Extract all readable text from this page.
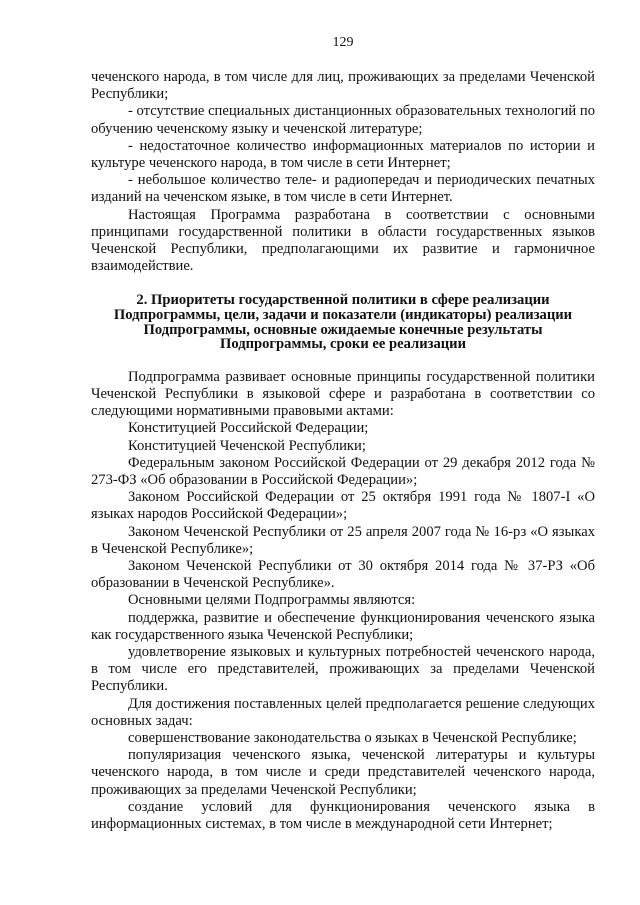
129

чеченского народа, в том числе для лиц, проживающих за пределами Чеченской Республики;

- отсутствие специальных дистанционных образовательных технологий по обучению чеченскому языку и чеченской литературе;

- недостаточное количество информационных материалов по истории и культуре чеченского народа, в том числе в сети Интернет;

- небольшое количество теле- и радиопередач и периодических печатных изданий на чеченском языке, в том числе в сети Интернет.

Настоящая Программа разработана в соответствии с основными принципами государственной политики в области государственных языков Чеченской Республики, предполагающими их развитие и гармоничное взаимодействие.

2. Приоритеты государственной политики в сфере реализации
Подпрограммы, цели, задачи и показатели (индикаторы) реализации
Подпрограммы, основные ожидаемые конечные результаты
Подпрограммы, сроки ее реализации

Подпрограмма развивает основные принципы государственной политики Чеченской Республики в языковой сфере и разработана в соответствии со следующими нормативными правовыми актами:

Конституцией Российской Федерации;

Конституцией Чеченской Республики;

Федеральным законом Российской Федерации от 29 декабря 2012 года № 273-ФЗ «Об образовании в Российской Федерации»;

Законом Российской Федерации от 25 октября 1991 года № 1807-I «О языках народов Российской Федерации»;

Законом Чеченской Республики от 25 апреля 2007 года № 16-рз «О языках в Чеченской Республике»;

Законом Чеченской Республики от 30 октября 2014 года № 37-РЗ «Об образовании в Чеченской Республике».

Основными целями Подпрограммы являются:

поддержка, развитие и обеспечение функционирования чеченского языка как государственного языка Чеченской Республики;

удовлетворение языковых и культурных потребностей чеченского народа, в том числе его представителей, проживающих за пределами Чеченской Республики.

Для достижения поставленных целей предполагается решение следующих основных задач:

совершенствование законодательства о языках в Чеченской Республике;

популяризация чеченского языка, чеченской литературы и культуры чеченского народа, в том числе и среди представителей чеченского народа, проживающих за пределами Чеченской Республики;

создание условий для функционирования чеченского языка в информационных системах, в том числе в международной сети Интернет;
